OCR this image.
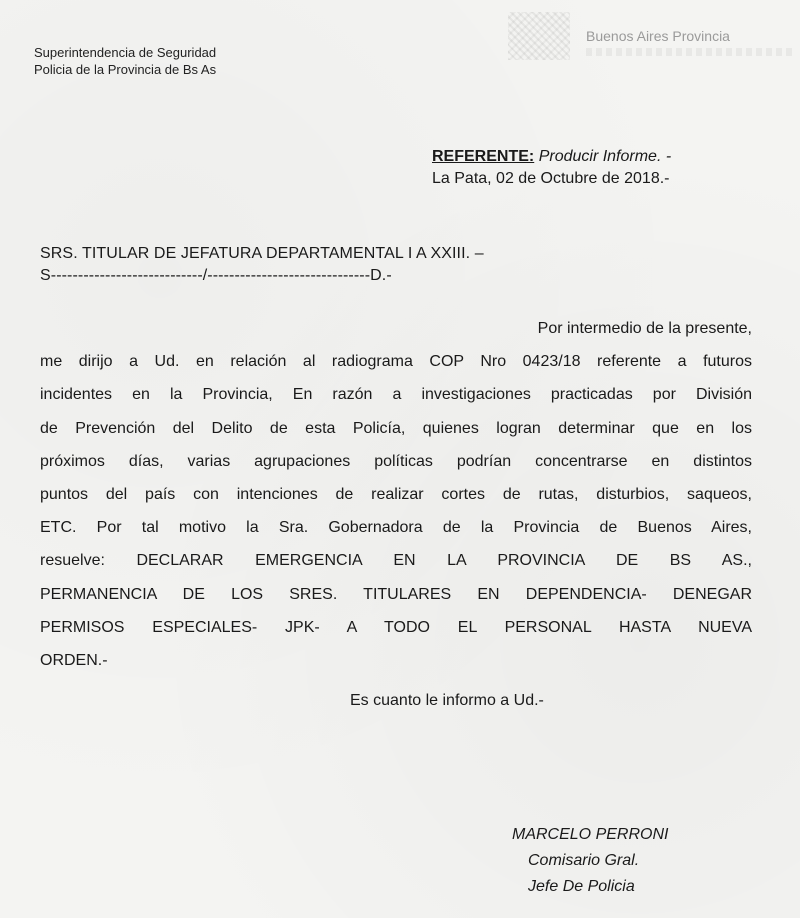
Superintendencia de Seguridad
Policia de la Provincia de Bs As
Buenos Aires Provincia
REFERENTE: Producir Informe. -
La Pata, 02 de Octubre de 2018.-
SRS. TITULAR DE JEFATURA DEPARTAMENTAL I A XXIII. –
S----------------------------/------------------------------D.-
Por intermedio de la presente,
me dirijo a Ud. en relación al radiograma COP Nro 0423/18 referente a futuros
incidentes en la Provincia, En razón a investigaciones practicadas por División
de Prevención del Delito de esta Policía, quienes logran determinar que en los
próximos días, varias agrupaciones políticas podrían concentrarse en distintos
puntos del país con intenciones de realizar cortes de rutas, disturbios, saqueos,
ETC. Por tal motivo la Sra. Gobernadora de la Provincia de Buenos Aires,
resuelve: DECLARAR EMERGENCIA EN LA PROVINCIA DE BS AS.,
PERMANENCIA DE LOS SRES. TITULARES EN DEPENDENCIA- DENEGAR
PERMISOS ESPECIALES- JPK- A TODO EL PERSONAL HASTA NUEVA
ORDEN.-
Es cuanto le informo a Ud.-
MARCELO PERRONI
Comisario Gral.
Jefe De Policia
